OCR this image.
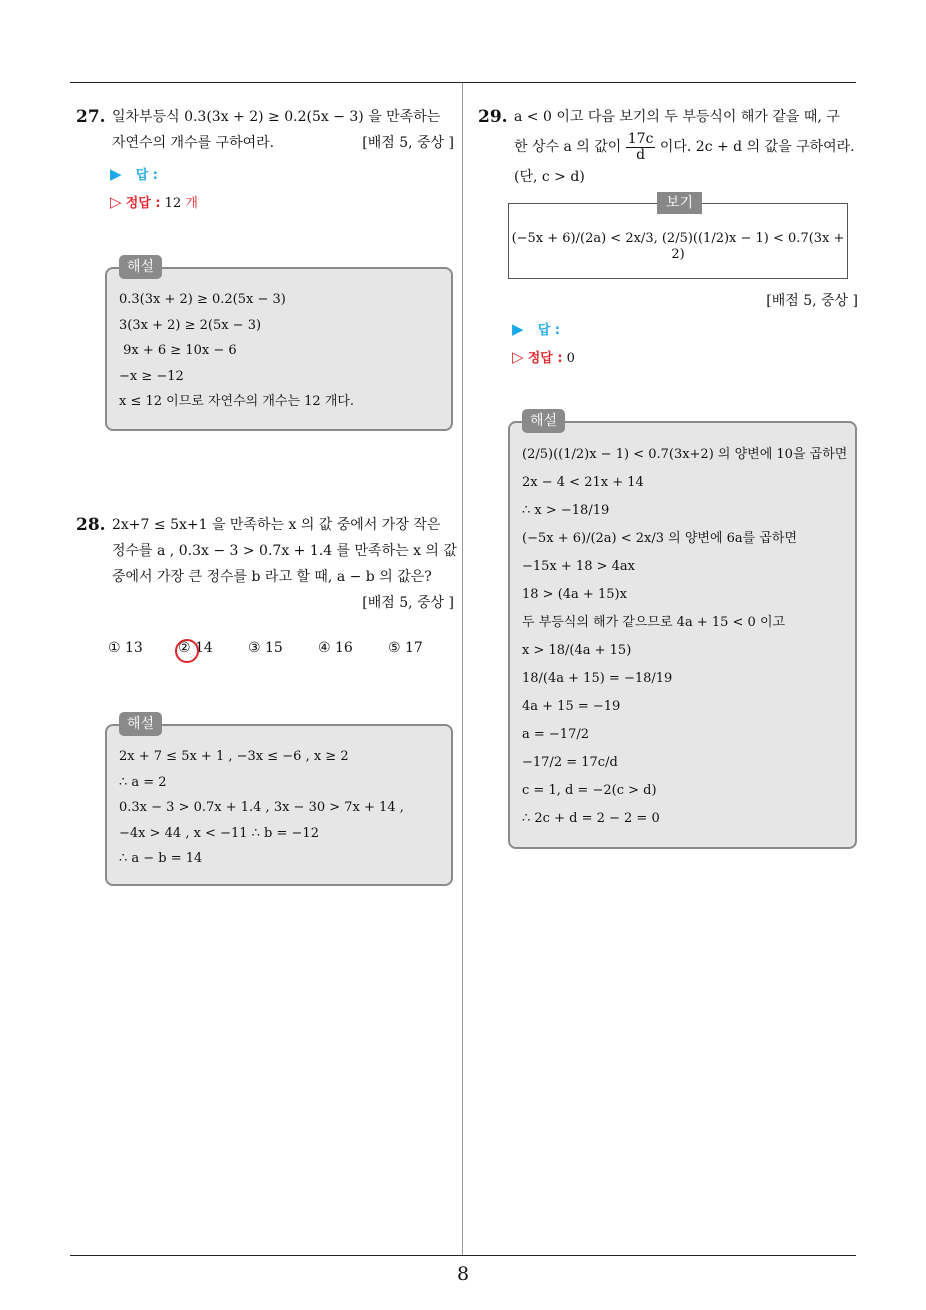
8
27. 일차부등식 0.3(3x + 2) ≥ 0.2(5x − 3) 을 만족하는
자연수의 개수를 구하여라.	[배점 5, 중상 ]
▶ 답 :
▷ 정답 : 12 개
해설
0.3(3x + 2) ≥ 0.2(5x − 3)
3(3x + 2) ≥ 2(5x − 3)
9x + 6 ≥ 10x − 6
−x ≥ −12
x ≤ 12 이므로 자연수의 개수는 12 개다.
28. 2x+7 ≤ 5x+1 을 만족하는 x 의 값 중에서 가장 작은
정수를 a , 0.3x − 3 > 0.7x + 1.4 를 만족하는 x 의 값
중에서 가장 큰 정수를 b 라고 할 때, a − b 의 값은?
[배점 5, 중상 ]
① 13	② 14	③ 15	④ 16	⑤ 17
해설
2x + 7 ≤ 5x + 1 , −3x ≤ −6 , x ≥ 2
∴ a = 2
0.3x − 3 > 0.7x + 1.4 , 3x − 30 > 7x + 14 ,
−4x > 44 , x < −11 ∴ b = −12
∴ a − b = 14
29. a < 0 이고 다음 보기의 두 부등식이 해가 같을 때, 구
한 상수 a 의 값이 $\frac{17c}{d}$ 이다. 2c + d 의 값을 구하여라.
(단, c > d)
보기
(−5x + 6)/(2a) < 2x/3, (2/5)((1/2)x − 1) < 0.7(3x + 2)
[배점 5, 중상 ]
▶ 답 :
▷ 정답 : 0
해설
(2/5)((1/2)x − 1) < 0.7(3x+2) 의 양변에 10을 곱하면
2x − 4 < 21x + 14
∴ x > −18/19
(−5x + 6)/(2a) < 2x/3 의 양변에 6a를 곱하면
−15x + 18 > 4ax
18 > (4a + 15)x
두 부등식의 해가 같으므로 4a + 15 < 0 이고
x > 18/(4a + 15)
18/(4a + 15) = −18/19
4a + 15 = −19
a = −17/2
−17/2 = 17c/d
c = 1, d = −2(c > d)
∴ 2c + d = 2 − 2 = 0
